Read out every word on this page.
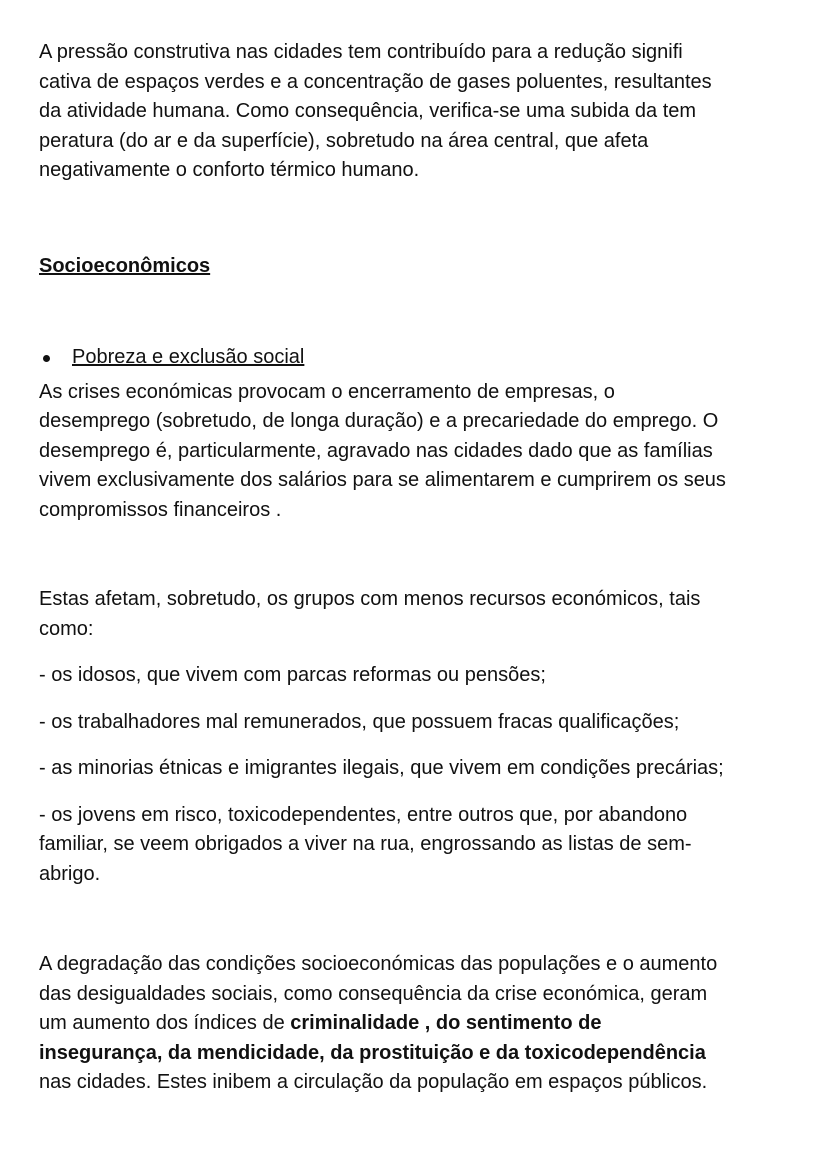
A pressão construtiva nas cidades tem contribuído para a redução signifi
cativa de espaços verdes e a concentração de gases poluentes, resultantes
da atividade humana. Como consequência, verifica-se uma subida da tem
peratura (do ar e da superfície), sobretudo na área central, que afeta
negativamente o conforto térmico humano.

Socioeconômicos

Pobreza e exclusão social

As crises económicas provocam o encerramento de empresas, o
desemprego (sobretudo, de longa duração) e a precariedade do emprego. O
desemprego é, particularmente, agravado nas cidades dado que as famílias
vivem exclusivamente dos salários para se alimentarem e cumprirem os seus
compromissos financeiros .

Estas afetam, sobretudo, os grupos com menos recursos económicos, tais
como:

- os idosos, que vivem com parcas reformas ou pensões;

- os trabalhadores mal remunerados, que possuem fracas qualificações;

- as minorias étnicas e imigrantes ilegais, que vivem em condições precárias;

- os jovens em risco, toxicodependentes, entre outros que, por abandono
familiar, se veem obrigados a viver na rua, engrossando as listas de sem-
abrigo.

A degradação das condições socioeconómicas das populações e o aumento
das desigualdades sociais, como consequência da crise económica, geram
um aumento dos índices de criminalidade , do sentimento de
insegurança, da mendicidade, da prostituição e da toxicodependência
nas cidades. Estes inibem a circulação da população em espaços públicos.
